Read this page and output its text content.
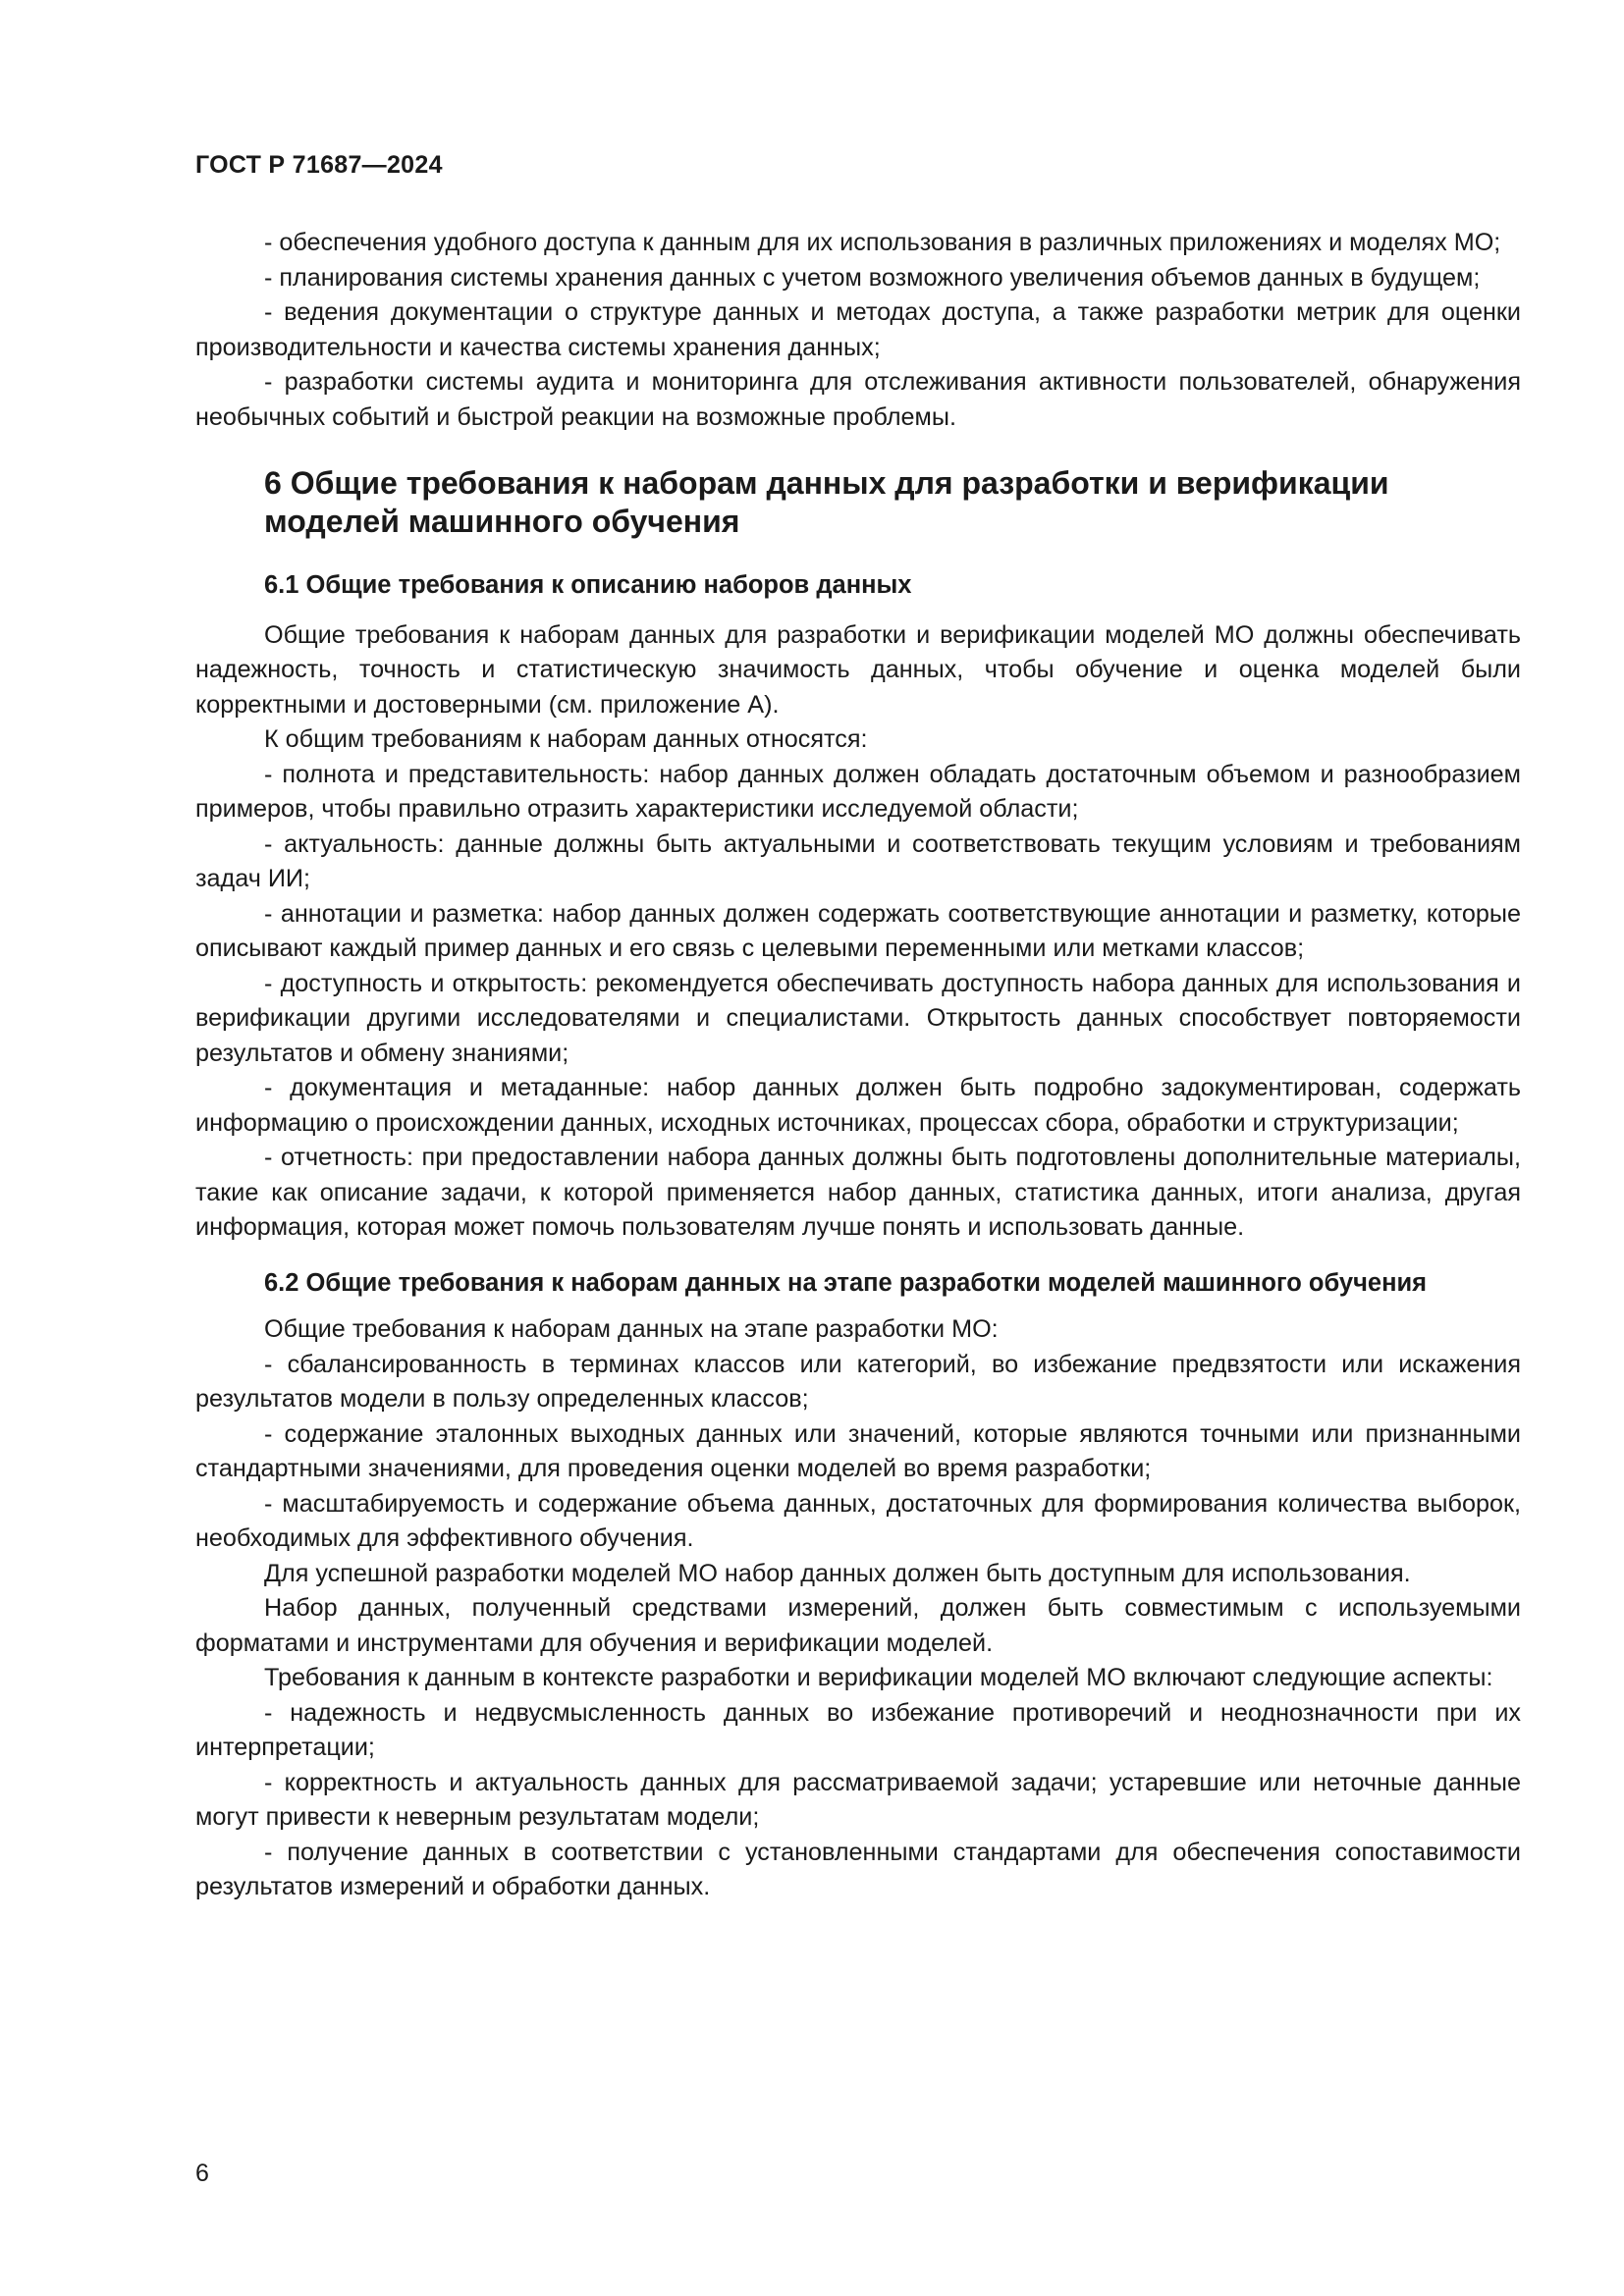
ГОСТ Р 71687—2024

- обеспечения удобного доступа к данным для их использования в различных приложениях и моделях МО;

- планирования системы хранения данных с учетом возможного увеличения объемов данных в будущем;

- ведения документации о структуре данных и методах доступа, а также разработки метрик для оценки производительности и качества системы хранения данных;

- разработки системы аудита и мониторинга для отслеживания активности пользователей, обнаружения необычных событий и быстрой реакции на возможные проблемы.

6 Общие требования к наборам данных для разработки и верификации моделей машинного обучения

6.1 Общие требования к описанию наборов данных

Общие требования к наборам данных для разработки и верификации моделей МО должны обеспечивать надежность, точность и статистическую значимость данных, чтобы обучение и оценка моделей были корректными и достоверными (см. приложение А).

К общим требованиям к наборам данных относятся:

- полнота и представительность: набор данных должен обладать достаточным объемом и разнообразием примеров, чтобы правильно отразить характеристики исследуемой области;

- актуальность: данные должны быть актуальными и соответствовать текущим условиям и требованиям задач ИИ;

- аннотации и разметка: набор данных должен содержать соответствующие аннотации и разметку, которые описывают каждый пример данных и его связь с целевыми переменными или метками классов;

- доступность и открытость: рекомендуется обеспечивать доступность набора данных для использования и верификации другими исследователями и специалистами. Открытость данных способствует повторяемости результатов и обмену знаниями;

- документация и метаданные: набор данных должен быть подробно задокументирован, содержать информацию о происхождении данных, исходных источниках, процессах сбора, обработки и структуризации;

- отчетность: при предоставлении набора данных должны быть подготовлены дополнительные материалы, такие как описание задачи, к которой применяется набор данных, статистика данных, итоги анализа, другая информация, которая может помочь пользователям лучше понять и использовать данные.

6.2 Общие требования к наборам данных на этапе разработки моделей машинного обучения

Общие требования к наборам данных на этапе разработки МО:

- сбалансированность в терминах классов или категорий, во избежание предвзятости или искажения результатов модели в пользу определенных классов;

- содержание эталонных выходных данных или значений, которые являются точными или признанными стандартными значениями, для проведения оценки моделей во время разработки;

- масштабируемость и содержание объема данных, достаточных для формирования количества выборок, необходимых для эффективного обучения.

Для успешной разработки моделей МО набор данных должен быть доступным для использования.

Набор данных, полученный средствами измерений, должен быть совместимым с используемыми форматами и инструментами для обучения и верификации моделей.

Требования к данным в контексте разработки и верификации моделей МО включают следующие аспекты:

- надежность и недвусмысленность данных во избежание противоречий и неоднозначности при их интерпретации;

- корректность и актуальность данных для рассматриваемой задачи; устаревшие или неточные данные могут привести к неверным результатам модели;

- получение данных в соответствии с установленными стандартами для обеспечения сопоставимости результатов измерений и обработки данных.

6
